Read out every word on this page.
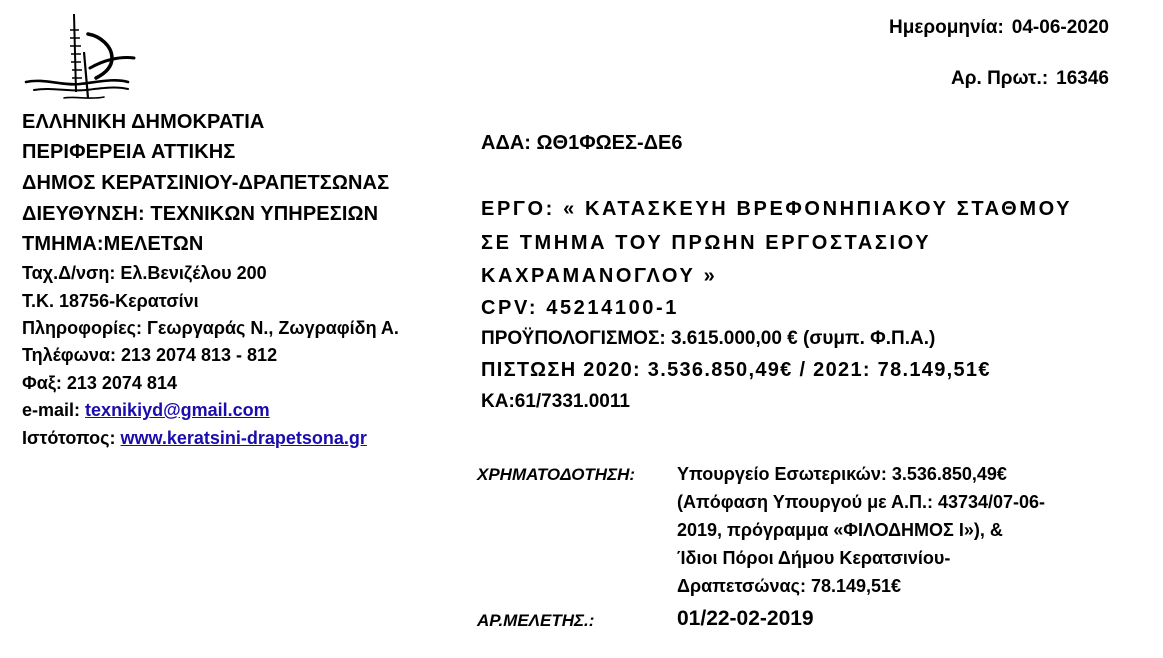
Ημερομηνία: 04-06-2020
Αρ. Πρωτ.: 16346
ΕΛΛΗΝΙΚΗ ΔΗΜΟΚΡΑΤΙΑ
ΠΕΡΙΦΕΡΕΙΑ ΑΤΤΙΚΗΣ
ΔΗΜΟΣ ΚΕΡΑΤΣΙΝΙΟΥ-ΔΡΑΠΕΤΣΩΝΑΣ
ΔΙΕΥΘΥΝΣΗ: ΤΕΧΝΙΚΩΝ ΥΠΗΡΕΣΙΩΝ
ΤΜΗΜΑ:ΜΕΛΕΤΩΝ
Ταχ.Δ/νση: Ελ.Βενιζέλου 200
Τ.Κ. 18756-Κερατσίνι
Πληροφορίες: Γεωργαράς Ν., Ζωγραφίδη Α.
Τηλέφωνα: 213 2074 813 - 812
Φαξ: 213 2074 814
e-mail: texnikiyd@gmail.com
Ιστότοπος: www.keratsini-drapetsona.gr
ΑΔΑ: ΩΘ1ΦΩΕΣ-ΔΕ6
ΕΡΓΟ: « ΚΑΤΑΣΚΕΥΗ ΒΡΕΦΟΝΗΠΙΑΚΟΥ ΣΤΑΘΜΟΥ
ΣΕ ΤΜΗΜΑ ΤΟΥ ΠΡΩΗΝ ΕΡΓΟΣΤΑΣΙΟΥ
ΚΑΧΡΑΜΑΝΟΓΛΟΥ »
CPV: 45214100-1
ΠΡΟΫΠΟΛΟΓΙΣΜΟΣ: 3.615.000,00 € (συμπ. Φ.Π.Α.)
ΠΙΣΤΩΣΗ 2020: 3.536.850,49€ / 2021: 78.149,51€
ΚΑ:61/7331.0011
ΧΡΗΜΑΤΟΔΟΤΗΣΗ: Υπουργείο Εσωτερικών: 3.536.850,49€
(Απόφαση Υπουργού με Α.Π.: 43734/07-06-
2019, πρόγραμμα «ΦΙΛΟΔΗΜΟΣ Ι»), &
Ίδιοι Πόροι Δήμου Κερατσινίου-
Δραπετσώνας: 78.149,51€
ΑΡ.ΜΕΛΕΤΗΣ.:	01/22-02-2019
